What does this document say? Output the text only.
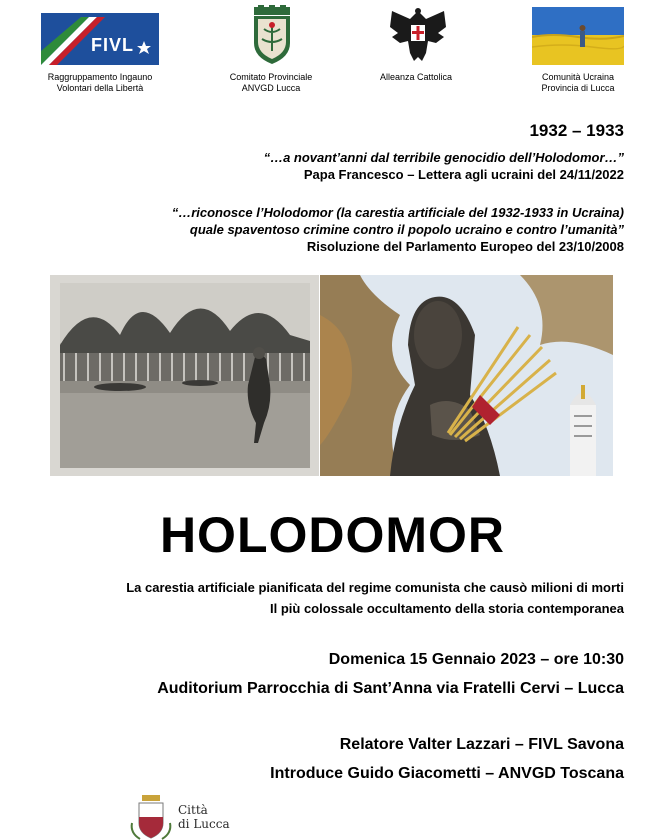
FIVL
Raggruppamento Ingauno
Volontari della Libertà
Comitato Provinciale
ANVGD Lucca
Alleanza Cattolica	Comunità Ucraina
Provincia di Lucca
1932 – 1933
“…a novant’anni dal terribile genocidio dell’Holodomor…”
Papa Francesco – Lettera agli ucraini del 24/11/2022
“…riconosce l’Holodomor (la carestia artificiale del 1932-1933 in Ucraina)
quale spaventoso crimine contro il popolo ucraino e contro l’umanità”
Risoluzione del Parlamento Europeo del 23/10/2008
HOLODOMOR
La carestia artificiale pianificata del regime comunista che causò milioni di morti
Il più colossale occultamento della storia contemporanea
Domenica 15 Gennaio 2023 – ore 10:30
Auditorium Parrocchia di Sant’Anna via Fratelli Cervi – Lucca
Relatore Valter Lazzari – FIVL Savona
Introduce Guido Giacometti – ANVGD Toscana
Città
di Lucca
